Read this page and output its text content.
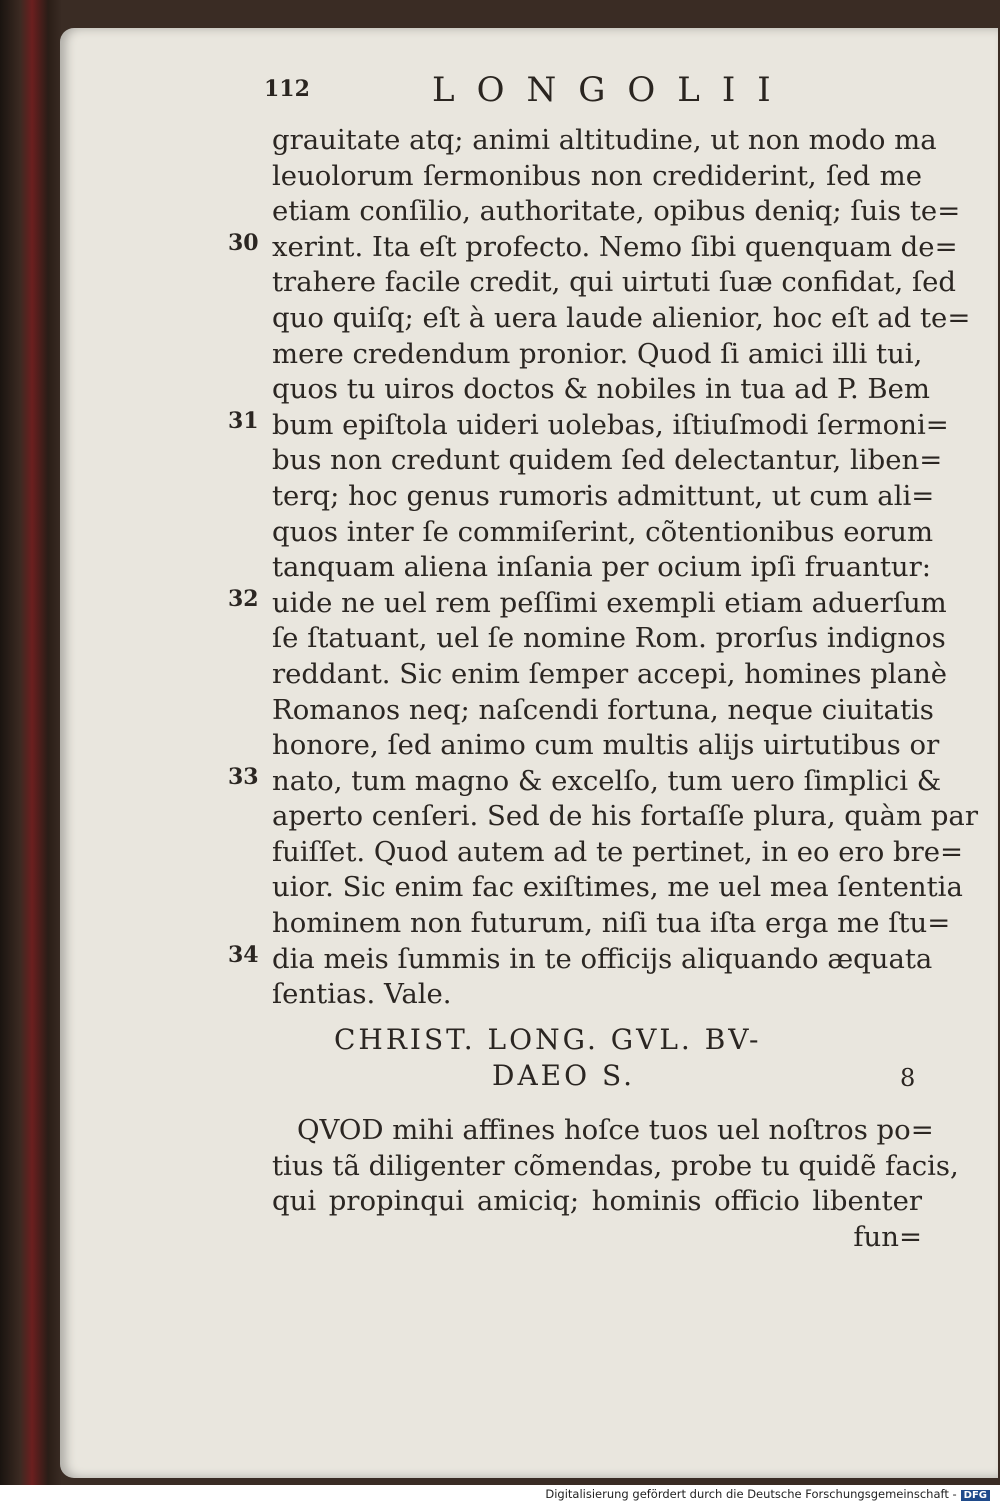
112	LONGOLII
grauitate atq; animi altitudine, ut non modo ma
leuolorum ſermonibus non crediderint, ſed me
etiam conſilio, authoritate, opibus deniq; ſuis te=
xerint. Ita eſt profecto. Nemo ſibi quenquam de=
trahere facile credit, qui uirtuti ſuæ confidat, ſed
quo quiſq; eſt à uera laude alienior, hoc eſt ad te=
mere credendum pronior. Quod ſi amici illi tui,
quos tu uiros doctos & nobiles in tua ad P. Bem
bum epiſtola uideri uolebas, iſtiuſmodi ſermoni=
bus non credunt quidem ſed delectantur, liben=
terq; hoc genus rumoris admittunt, ut cum ali=
quos inter ſe commiſerint, cõtentionibus eorum
tanquam aliena inſania per ocium ipſi fruantur:
uide ne uel rem peſſimi exempli etiam aduerſum
ſe ſtatuant, uel ſe nomine Rom. prorſus indignos
reddant. Sic enim ſemper accepi, homines planè
Romanos neq; naſcendi fortuna, neque ciuitatis
honore, ſed animo cum multis alijs uirtutibus or
nato, tum magno & excelſo, tum uero ſimplici &
aperto cenſeri. Sed de his fortaſſe plura, quàm par
fuiſſet. Quod autem ad te pertinet, in eo ero bre=
uior. Sic enim fac exiſtimes, me uel mea ſententia
hominem non futurum, niſi tua iſta erga me ſtu=
dia meis ſummis in te officijs aliquando æquata
ſentias. Vale.
30
31
32
33
34
CHRIST. LONG. GVL. BV-
DAEO S.	8
QVOD mihi affines hoſce tuos uel noſtros po=
tius tã diligenter cõmendas, probe tu quidẽ facis,
qui propinqui amiciq; hominis officio libenter
fun=
Digitalisierung gefördert durch die Deutsche Forschungsgemeinschaft - DFG
